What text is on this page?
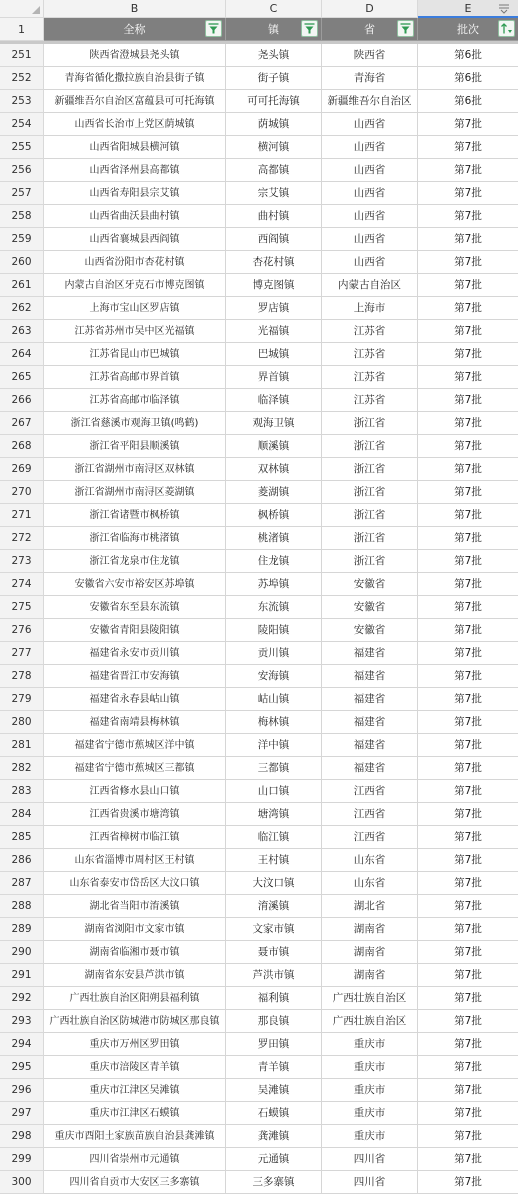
B	C	D	E
1	全称	镇	省	批次
251	陕西省澄城县尧头镇	尧头镇	陕西省	第6批
252	青海省循化撒拉族自治县街子镇	街子镇	青海省	第6批
253	新疆维吾尔自治区富蕴县可可托海镇	可可托海镇	新疆维吾尔自治区	第6批
254	山西省长治市上党区荫城镇	荫城镇	山西省	第7批
255	山西省阳城县横河镇	横河镇	山西省	第7批
256	山西省泽州县高都镇	高都镇	山西省	第7批
257	山西省寿阳县宗艾镇	宗艾镇	山西省	第7批
258	山西省曲沃县曲村镇	曲村镇	山西省	第7批
259	山西省襄城县西阎镇	西阎镇	山西省	第7批
260	山西省汾阳市杏花村镇	杏花村镇	山西省	第7批
261	内蒙古自治区牙克石市博克图镇	博克图镇	内蒙古自治区	第7批
262	上海市宝山区罗店镇	罗店镇	上海市	第7批
263	江苏省苏州市吴中区光福镇	光福镇	江苏省	第7批
264	江苏省昆山市巴城镇	巴城镇	江苏省	第7批
265	江苏省高邮市界首镇	界首镇	江苏省	第7批
266	江苏省高邮市临泽镇	临泽镇	江苏省	第7批
267	浙江省慈溪市观海卫镇(鸣鹤)	观海卫镇	浙江省	第7批
268	浙江省平阳县顺溪镇	顺溪镇	浙江省	第7批
269	浙江省湖州市南浔区双林镇	双林镇	浙江省	第7批
270	浙江省湖州市南浔区菱湖镇	菱湖镇	浙江省	第7批
271	浙江省诸暨市枫桥镇	枫桥镇	浙江省	第7批
272	浙江省临海市桃渚镇	桃渚镇	浙江省	第7批
273	浙江省龙泉市住龙镇	住龙镇	浙江省	第7批
274	安徽省六安市裕安区苏埠镇	苏埠镇	安徽省	第7批
275	安徽省东至县东流镇	东流镇	安徽省	第7批
276	安徽省青阳县陵阳镇	陵阳镇	安徽省	第7批
277	福建省永安市贡川镇	贡川镇	福建省	第7批
278	福建省晋江市安海镇	安海镇	福建省	第7批
279	福建省永春县岵山镇	岵山镇	福建省	第7批
280	福建省南靖县梅林镇	梅林镇	福建省	第7批
281	福建省宁德市蕉城区洋中镇	洋中镇	福建省	第7批
282	福建省宁德市蕉城区三都镇	三都镇	福建省	第7批
283	江西省修水县山口镇	山口镇	江西省	第7批
284	江西省贵溪市塘湾镇	塘湾镇	江西省	第7批
285	江西省樟树市临江镇	临江镇	江西省	第7批
286	山东省淄博市周村区王村镇	王村镇	山东省	第7批
287	山东省泰安市岱岳区大汶口镇	大汶口镇	山东省	第7批
288	湖北省当阳市淯溪镇	淯溪镇	湖北省	第7批
289	湖南省浏阳市文家市镇	文家市镇	湖南省	第7批
290	湖南省临湘市聂市镇	聂市镇	湖南省	第7批
291	湖南省东安县芦洪市镇	芦洪市镇	湖南省	第7批
292	广西壮族自治区阳朔县福利镇	福利镇	广西壮族自治区	第7批
293	广西壮族自治区防城港市防城区那良镇	那良镇	广西壮族自治区	第7批
294	重庆市万州区罗田镇	罗田镇	重庆市	第7批
295	重庆市涪陵区青羊镇	青羊镇	重庆市	第7批
296	重庆市江津区吴滩镇	吴滩镇	重庆市	第7批
297	重庆市江津区石蟆镇	石蟆镇	重庆市	第7批
298	重庆市酉阳土家族苗族自治县龚滩镇	龚滩镇	重庆市	第7批
299	四川省崇州市元通镇	元通镇	四川省	第7批
300	四川省自贡市大安区三多寨镇	三多寨镇	四川省	第7批
